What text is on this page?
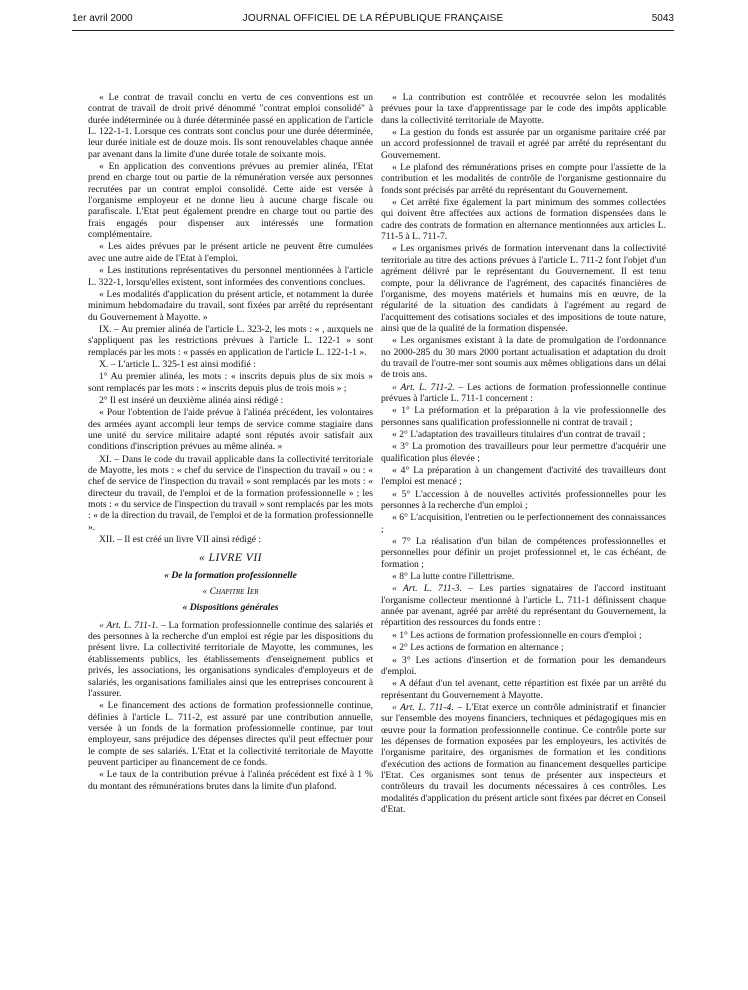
1er avril 2000	JOURNAL OFFICIEL DE LA RÉPUBLIQUE FRANÇAISE	5043

« Le contrat de travail conclu en vertu de ces conventions est un contrat de travail de droit privé dénommé "contrat emploi consolidé" à durée indéterminée ou à durée déterminée passé en application de l'article L. 122-1-1. Lorsque ces contrats sont conclus pour une durée déterminée, leur durée initiale est de douze mois. Ils sont renouvelables chaque année par avenant dans la limite d'une durée totale de soixante mois.

« En application des conventions prévues au premier alinéa, l'Etat prend en charge tout ou partie de la rémunération versée aux personnes recrutées par un contrat emploi consolidé. Cette aide est versée à l'organisme employeur et ne donne lieu à aucune charge fiscale ou parafiscale. L'Etat peut également prendre en charge tout ou partie des frais engagés pour dispenser aux intéressés une formation complémentaire.

« Les aides prévues par le présent article ne peuvent être cumulées avec une autre aide de l'Etat à l'emploi.

« Les institutions représentatives du personnel mentionnées à l'article L. 322-1, lorsqu'elles existent, sont informées des conventions conclues.

« Les modalités d'application du présent article, et notamment la durée minimum hebdomadaire du travail, sont fixées par arrêté du représentant du Gouvernement à Mayotte. »

IX. – Au premier alinéa de l'article L. 323-2, les mots : « , auxquels ne s'appliquent pas les restrictions prévues à l'article L. 122-1 » sont remplacés par les mots : « passés en application de l'article L. 122-1-1 ».

X. – L'article L. 325-1 est ainsi modifié :

1° Au premier alinéa, les mots : « inscrits depuis plus de six mois » sont remplacés par les mots : « inscrits depuis plus de trois mois » ;

2° Il est inséré un deuxième alinéa ainsi rédigé :

« Pour l'obtention de l'aide prévue à l'alinéa précédent, les volontaires des armées ayant accompli leur temps de service comme stagiaire dans une unité du service militaire adapté sont réputés avoir satisfait aux conditions d'inscription prévues au même alinéa. »

XI. – Dans le code du travail applicable dans la collectivité territoriale de Mayotte, les mots : « chef du service de l'inspection du travail » ou : « chef de service de l'inspection du travail » sont remplacés par les mots : « directeur du travail, de l'emploi et de la formation professionnelle » ; les mots : « du service de l'inspection du travail » sont remplacés par les mots : « de la direction du travail, de l'emploi et de la formation professionnelle ».

XII. – Il est créé un livre VII ainsi rédigé :

« LIVRE VII

« De la formation professionnelle

« Chapitre Ier

« Dispositions générales

« Art. L. 711-1. – La formation professionnelle continue des salariés et des personnes à la recherche d'un emploi est régie par les dispositions du présent livre. La collectivité territoriale de Mayotte, les communes, les établissements publics, les établissements d'enseignement publics et privés, les associations, les organisations syndicales d'employeurs et de salariés, les organisations familiales ainsi que les entreprises concourent à l'assurer.

« Le financement des actions de formation professionnelle continue, définies à l'article L. 711-2, est assuré par une contribution annuelle, versée à un fonds de la formation professionnelle continue, par tout employeur, sans préjudice des dépenses directes qu'il peut effectuer pour le compte de ses salariés. L'Etat et la collectivité territoriale de Mayotte peuvent participer au financement de ce fonds.

« Le taux de la contribution prévue à l'alinéa précédent est fixé à 1 % du montant des rémunérations brutes dans la limite d'un plafond.

« La contribution est contrôlée et recouvrée selon les modalités prévues pour la taxe d'apprentissage par le code des impôts applicable dans la collectivité territoriale de Mayotte.

« La gestion du fonds est assurée par un organisme paritaire créé par un accord professionnel de travail et agréé par arrêté du représentant du Gouvernement.

« Le plafond des rémunérations prises en compte pour l'assiette de la contribution et les modalités de contrôle de l'organisme gestionnaire du fonds sont précisés par arrêté du représentant du Gouvernement.

« Cet arrêté fixe également la part minimum des sommes collectées qui doivent être affectées aux actions de formation dispensées dans le cadre des contrats de formation en alternance mentionnées aux articles L. 711-5 à L. 711-7.

« Les organismes privés de formation intervenant dans la collectivité territoriale au titre des actions prévues à l'article L. 711-2 font l'objet d'un agrément délivré par le représentant du Gouvernement. Il est tenu compte, pour la délivrance de l'agrément, des capacités financières de l'organisme, des moyens matériels et humains mis en œuvre, de la régularité de la situation des candidats à l'agrément au regard de l'acquittement des cotisations sociales et des impositions de toute nature, ainsi que de la qualité de la formation dispensée.

« Les organismes existant à la date de promulgation de l'ordonnance no 2000-285 du 30 mars 2000 portant actualisation et adaptation du droit du travail de l'outre-mer sont soumis aux mêmes obligations dans un délai de trois ans.

« Art. L. 711-2. – Les actions de formation professionnelle continue prévues à l'article L. 711-1 concernent :

« 1° La préformation et la préparation à la vie professionnelle des personnes sans qualification professionnelle ni contrat de travail ;

« 2° L'adaptation des travailleurs titulaires d'un contrat de travail ;

« 3° La promotion des travailleurs pour leur permettre d'acquérir une qualification plus élevée ;

« 4° La préparation à un changement d'activité des travailleurs dont l'emploi est menacé ;

« 5° L'accession à de nouvelles activités professionnelles pour les personnes à la recherche d'un emploi ;

« 6° L'acquisition, l'entretien ou le perfectionnement des connaissances ;

« 7° La réalisation d'un bilan de compétences professionnelles et personnelles pour définir un projet professionnel et, le cas échéant, de formation ;

« 8° La lutte contre l'illettrisme.

« Art. L. 711-3. – Les parties signataires de l'accord instituant l'organisme collecteur mentionné à l'article L. 711-1 définissent chaque année par avenant, agréé par arrêté du représentant du Gouvernement, la répartition des ressources du fonds entre :

« 1° Les actions de formation professionnelle en cours d'emploi ;

« 2° Les actions de formation en alternance ;

« 3° Les actions d'insertion et de formation pour les demandeurs d'emploi.

« A défaut d'un tel avenant, cette répartition est fixée par un arrêté du représentant du Gouvernement à Mayotte.

« Art. L. 711-4. – L'Etat exerce un contrôle administratif et financier sur l'ensemble des moyens financiers, techniques et pédagogiques mis en œuvre pour la formation professionnelle continue. Ce contrôle porte sur les dépenses de formation exposées par les employeurs, les activités de l'organisme paritaire, des organismes de formation et les conditions d'exécution des actions de formation au financement desquelles participe l'Etat. Ces organismes sont tenus de présenter aux inspecteurs et contrôleurs du travail les documents nécessaires à ces contrôles. Les modalités d'application du présent article sont fixées par décret en Conseil d'Etat.
